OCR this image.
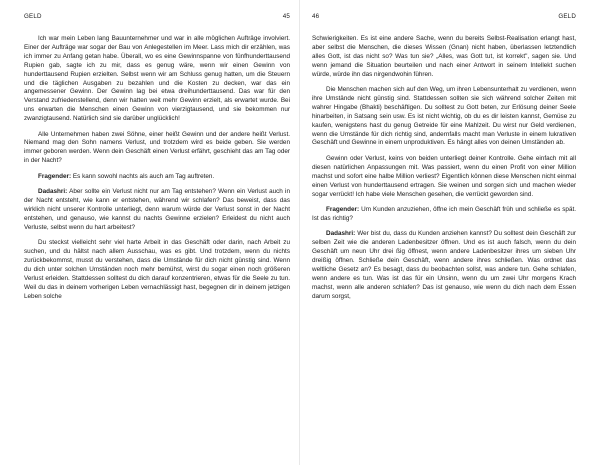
GELD	45

Ich war mein Leben lang Bauunternehmer und war in alle möglichen Aufträge involviert. Einer der Aufträge war sogar der Bau von Anlegestellen im Meer. Lass mich dir erzählen, was ich immer zu Anfang getan habe. Überall, wo es eine Gewinnspanne von fünfhunderttausend Rupien gab, sagte ich zu mir, dass es genug wäre, wenn wir einen Gewinn von hunderttausend Rupien erzielten. Selbst wenn wir am Schluss genug hatten, um die Steuern und die täglichen Ausgaben zu bezahlen und die Kosten zu decken, war das ein angemessener Gewinn. Der Gewinn lag bei etwa dreihunderttausend. Das war für den Verstand zufriedenstellend, denn wir hatten weit mehr Gewinn erzielt, als erwartet wurde. Bei uns erwarten die Menschen einen Gewinn von vierzigtausend, und sie bekommen nur zwanzigtausend. Natürlich sind sie darüber unglücklich!

Alle Unternehmen haben zwei Söhne, einer heißt Gewinn und der andere heißt Verlust. Niemand mag den Sohn namens Verlust, und trotzdem wird es beide geben. Sie werden immer geboren werden. Wenn dein Geschäft einen Verlust erfährt, geschieht das am Tag oder in der Nacht?

Fragender: Es kann sowohl nachts als auch am Tag auftreten.

Dadashri: Aber sollte ein Verlust nicht nur am Tag entstehen? Wenn ein Verlust auch in der Nacht entsteht, wie kann er entstehen, während wir schlafen? Das beweist, dass das wirklich nicht unserer Kontrolle unterliegt, denn warum würde der Verlust sonst in der Nacht entstehen, und genauso, wie kannst du nachts Gewinne erzielen? Erleidest du nicht auch Verluste, selbst wenn du hart arbeitest?

Du steckst vielleicht sehr viel harte Arbeit in das Geschäft oder darin, nach Arbeit zu suchen, und du hältst nach allem Ausschau, was es gibt. Und trotzdem, wenn du nichts zurückbekommst, musst du verstehen, dass die Umstände für dich nicht günstig sind. Wenn du dich unter solchen Umständen noch mehr bemühst, wirst du sogar einen noch größeren Verlust erleiden. Stattdessen solltest du dich darauf konzentrieren, etwas für die Seele zu tun. Weil du das in deinem vorherigen Leben vernachlässigt hast, begegnen dir in deinem jetzigen Leben solche

46	GELD

Schwierigkeiten. Es ist eine andere Sache, wenn du bereits Selbst-Realisation erlangt hast, aber selbst die Menschen, die dieses Wissen (Gnan) nicht haben, überlassen letztendlich alles Gott, ist das nicht so? Was tun sie? „Alles, was Gott tut, ist korrekt", sagen sie. Und wenn jemand die Situation beurteilen und nach einer Antwort in seinem Intellekt suchen würde, würde ihn das nirgendwohin führen.

Die Menschen machen sich auf den Weg, um ihren Lebensunterhalt zu verdienen, wenn ihre Umstände nicht günstig sind. Stattdessen sollten sie sich während solcher Zeiten mit wahrer Hingabe (Bhakti) beschäftigen. Du solltest zu Gott beten, zur Erlösung deiner Seele hinarbeiten, in Satsang sein usw. Es ist nicht wichtig, ob du es dir leisten kannst, Gemüse zu kaufen, wenigstens hast du genug Getreide für eine Mahlzeit. Du wirst nur Geld verdienen, wenn die Umstände für dich richtig sind, andernfalls macht man Verluste in einem lukrativen Geschäft und Gewinne in einem unproduktiven. Es hängt alles von deinen Umständen ab.

Gewinn oder Verlust, keins von beiden unterliegt deiner Kontrolle. Gehe einfach mit all diesen natürlichen Anpassungen mit. Was passiert, wenn du einen Profit von einer Million machst und sofort eine halbe Million verliest? Eigentlich können diese Menschen nicht einmal einen Verlust von hunderttausend ertragen. Sie weinen und sorgen sich und machen wieder sogar verrückt! Ich habe viele Menschen gesehen, die verrückt geworden sind.

Fragender: Um Kunden anzuziehen, öffne ich mein Geschäft früh und schließe es spät. Ist das richtig?

Dadashri: Wer bist du, dass du Kunden anziehen kannst? Du solltest dein Geschäft zur selben Zeit wie die anderen Ladenbesitzer öffnen. Und es ist auch falsch, wenn du dein Geschäft um neun Uhr drei ßig öffnest, wenn andere Ladenbesitzer ihres um sieben Uhr dreißig öffnen. Schließe dein Geschäft, wenn andere ihres schließen. Was ordnet das weltliche Gesetz an? Es besagt, dass du beobachten sollst, was andere tun. Gehe schlafen, wenn andere es tun. Was ist das für ein Unsinn, wenn du um zwei Uhr morgens Krach machst, wenn alle anderen schlafen? Das ist genauso, wie wenn du dich nach dem Essen darum sorgst,
